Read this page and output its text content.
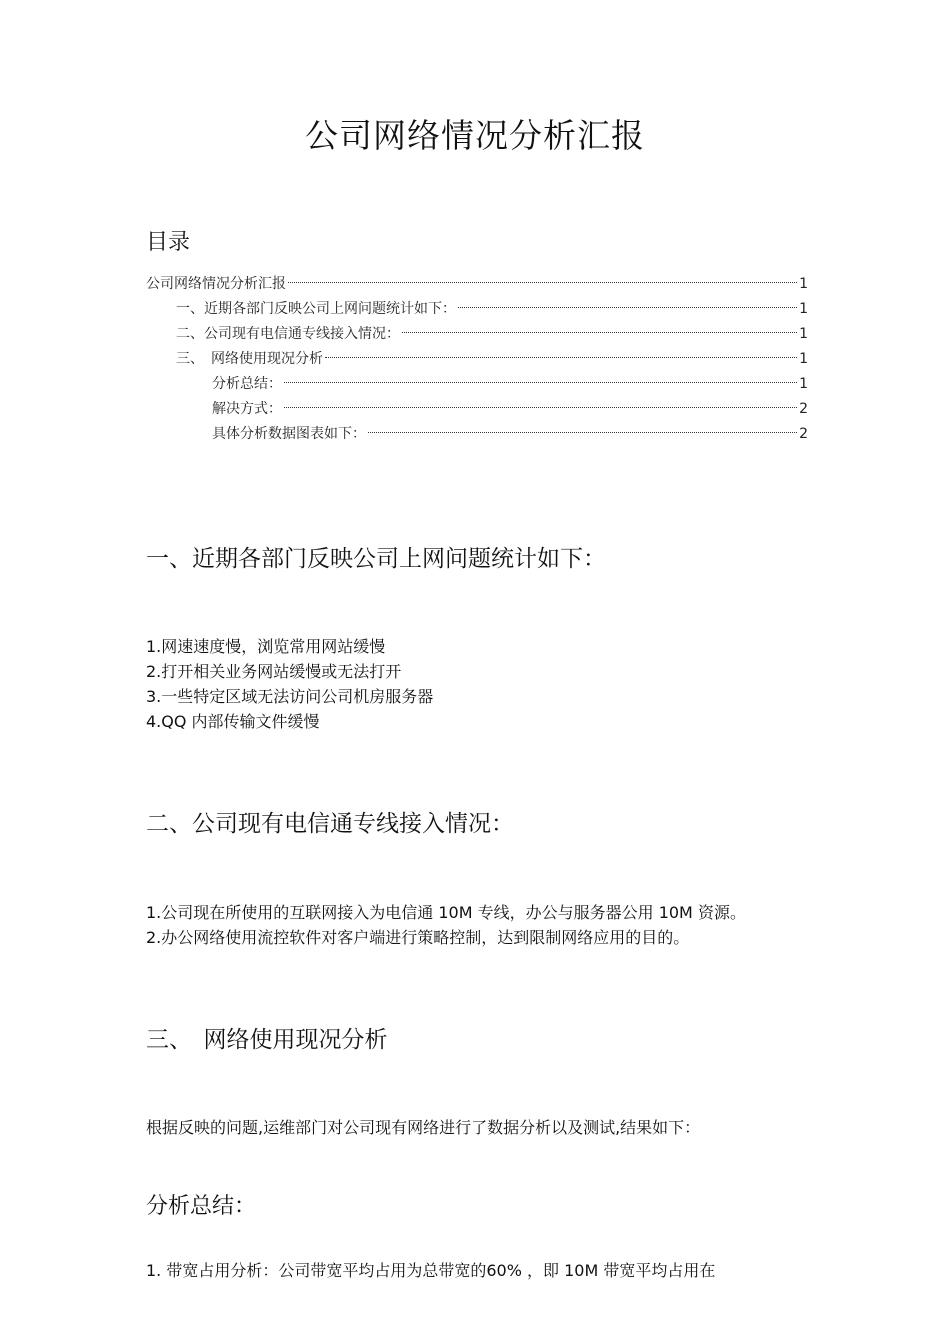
公司网络情况分析汇报
目录
公司网络情况分析汇报	1
一、近期各部门反映公司上网问题统计如下：	1
二、公司现有电信通专线接入情况：	1
三、　网络使用现况分析	1
分析总结：	1
解决方式：	2
具体分析数据图表如下：	2
一、近期各部门反映公司上网问题统计如下：
1.网速速度慢，浏览常用网站缓慢
2.打开相关业务网站缓慢或无法打开
3.一些特定区域无法访问公司机房服务器
4.QQ 内部传输文件缓慢
二、公司现有电信通专线接入情况：
1.公司现在所使用的互联网接入为电信通 10M 专线，办公与服务器公用 10M 资源。
2.办公网络使用流控软件对客户端进行策略控制，达到限制网络应用的目的。
三、　网络使用现况分析

根据反映的问题,运维部门对公司现有网络进行了数据分析以及测试,结果如下：

分析总结：

1. 带宽占用分析：公司带宽平均占用为总带宽的60% ，即 10M 带宽平均占用在
